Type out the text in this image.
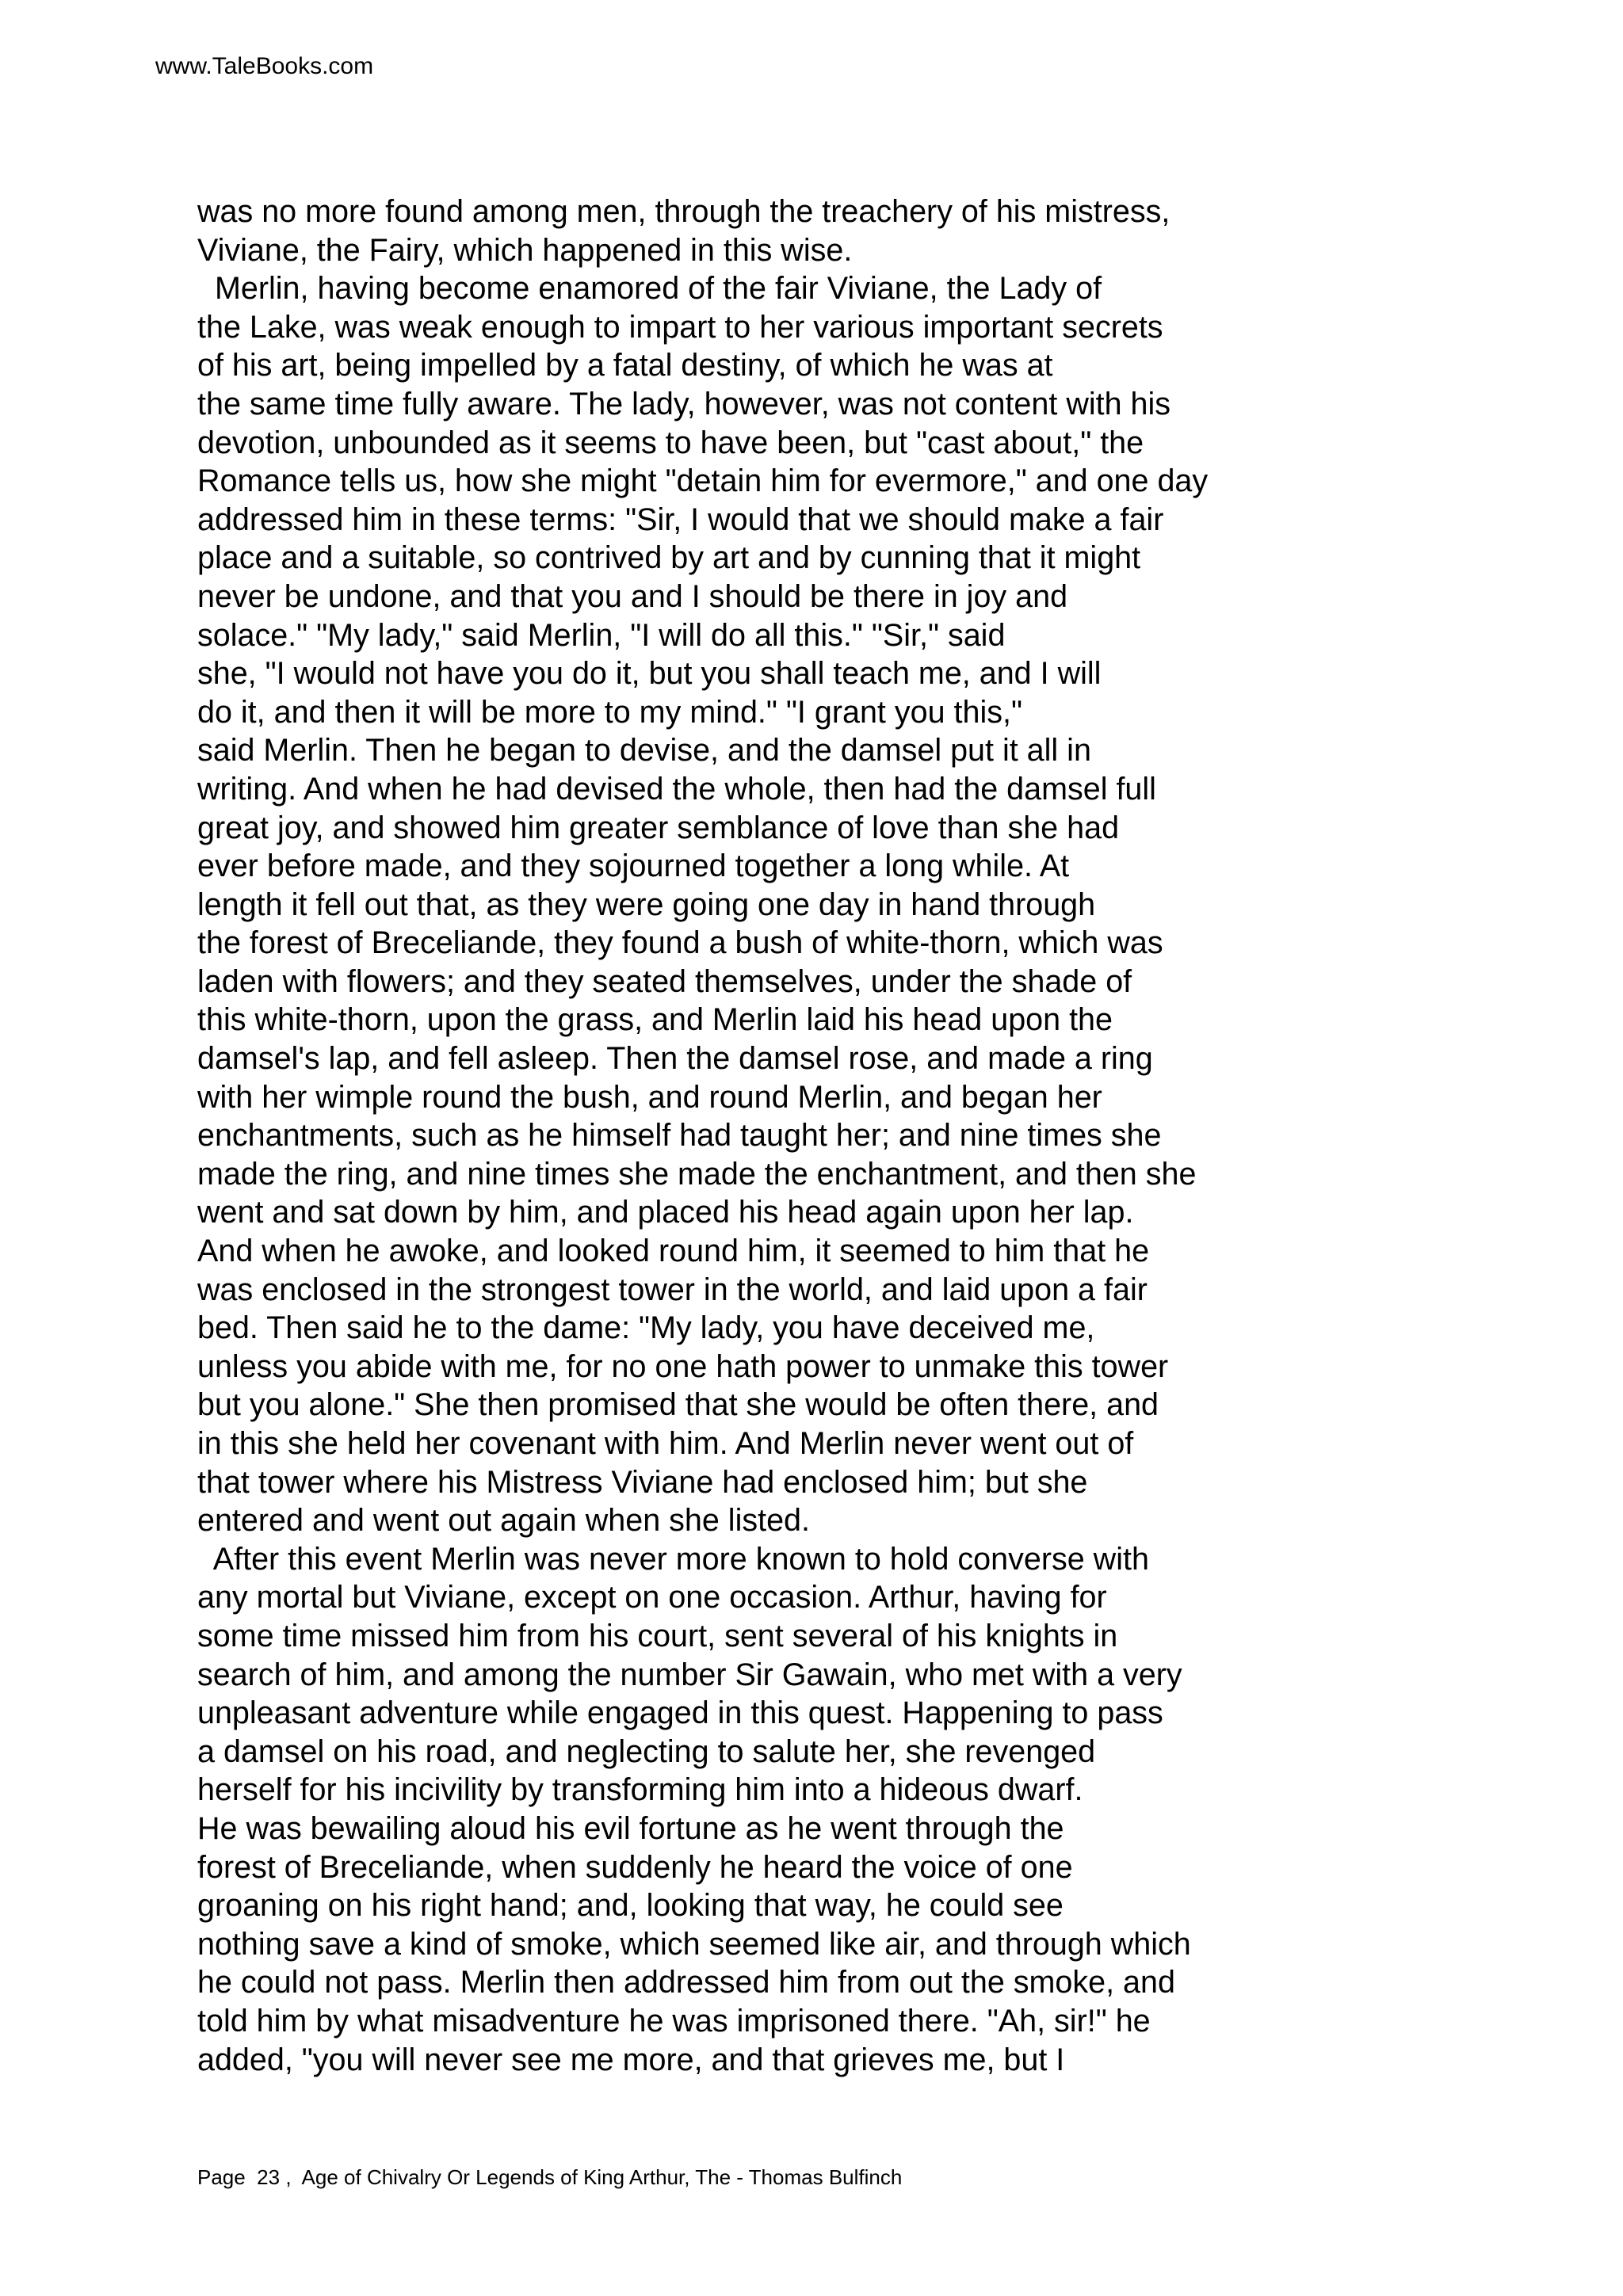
www.TaleBooks.com
was no more found among men, through the treachery of his mistress,
Viviane, the Fairy, which happened in this wise.
Merlin, having become enamored of the fair Viviane, the Lady of
the Lake, was weak enough to impart to her various important secrets
of his art, being impelled by a fatal destiny, of which he was at
the same time fully aware. The lady, however, was not content with his
devotion, unbounded as it seems to have been, but "cast about," the
Romance tells us, how she might "detain him for evermore," and one day
addressed him in these terms: "Sir, I would that we should make a fair
place and a suitable, so contrived by art and by cunning that it might
never be undone, and that you and I should be there in joy and
solace." "My lady," said Merlin, "I will do all this." "Sir," said
she, "I would not have you do it, but you shall teach me, and I will
do it, and then it will be more to my mind." "I grant you this,"
said Merlin. Then he began to devise, and the damsel put it all in
writing. And when he had devised the whole, then had the damsel full
great joy, and showed him greater semblance of love than she had
ever before made, and they sojourned together a long while. At
length it fell out that, as they were going one day in hand through
the forest of Breceliande, they found a bush of white-thorn, which was
laden with flowers; and they seated themselves, under the shade of
this white-thorn, upon the grass, and Merlin laid his head upon the
damsel's lap, and fell asleep. Then the damsel rose, and made a ring
with her wimple round the bush, and round Merlin, and began her
enchantments, such as he himself had taught her; and nine times she
made the ring, and nine times she made the enchantment, and then she
went and sat down by him, and placed his head again upon her lap.
And when he awoke, and looked round him, it seemed to him that he
was enclosed in the strongest tower in the world, and laid upon a fair
bed. Then said he to the dame: "My lady, you have deceived me,
unless you abide with me, for no one hath power to unmake this tower
but you alone." She then promised that she would be often there, and
in this she held her covenant with him. And Merlin never went out of
that tower where his Mistress Viviane had enclosed him; but she
entered and went out again when she listed.
After this event Merlin was never more known to hold converse with
any mortal but Viviane, except on one occasion. Arthur, having for
some time missed him from his court, sent several of his knights in
search of him, and among the number Sir Gawain, who met with a very
unpleasant adventure while engaged in this quest. Happening to pass
a damsel on his road, and neglecting to salute her, she revenged
herself for his incivility by transforming him into a hideous dwarf.
He was bewailing aloud his evil fortune as he went through the
forest of Breceliande, when suddenly he heard the voice of one
groaning on his right hand; and, looking that way, he could see
nothing save a kind of smoke, which seemed like air, and through which
he could not pass. Merlin then addressed him from out the smoke, and
told him by what misadventure he was imprisoned there. "Ah, sir!" he
added, "you will never see me more, and that grieves me, but I
Page  23 ,  Age of Chivalry Or Legends of King Arthur, The - Thomas Bulfinch
